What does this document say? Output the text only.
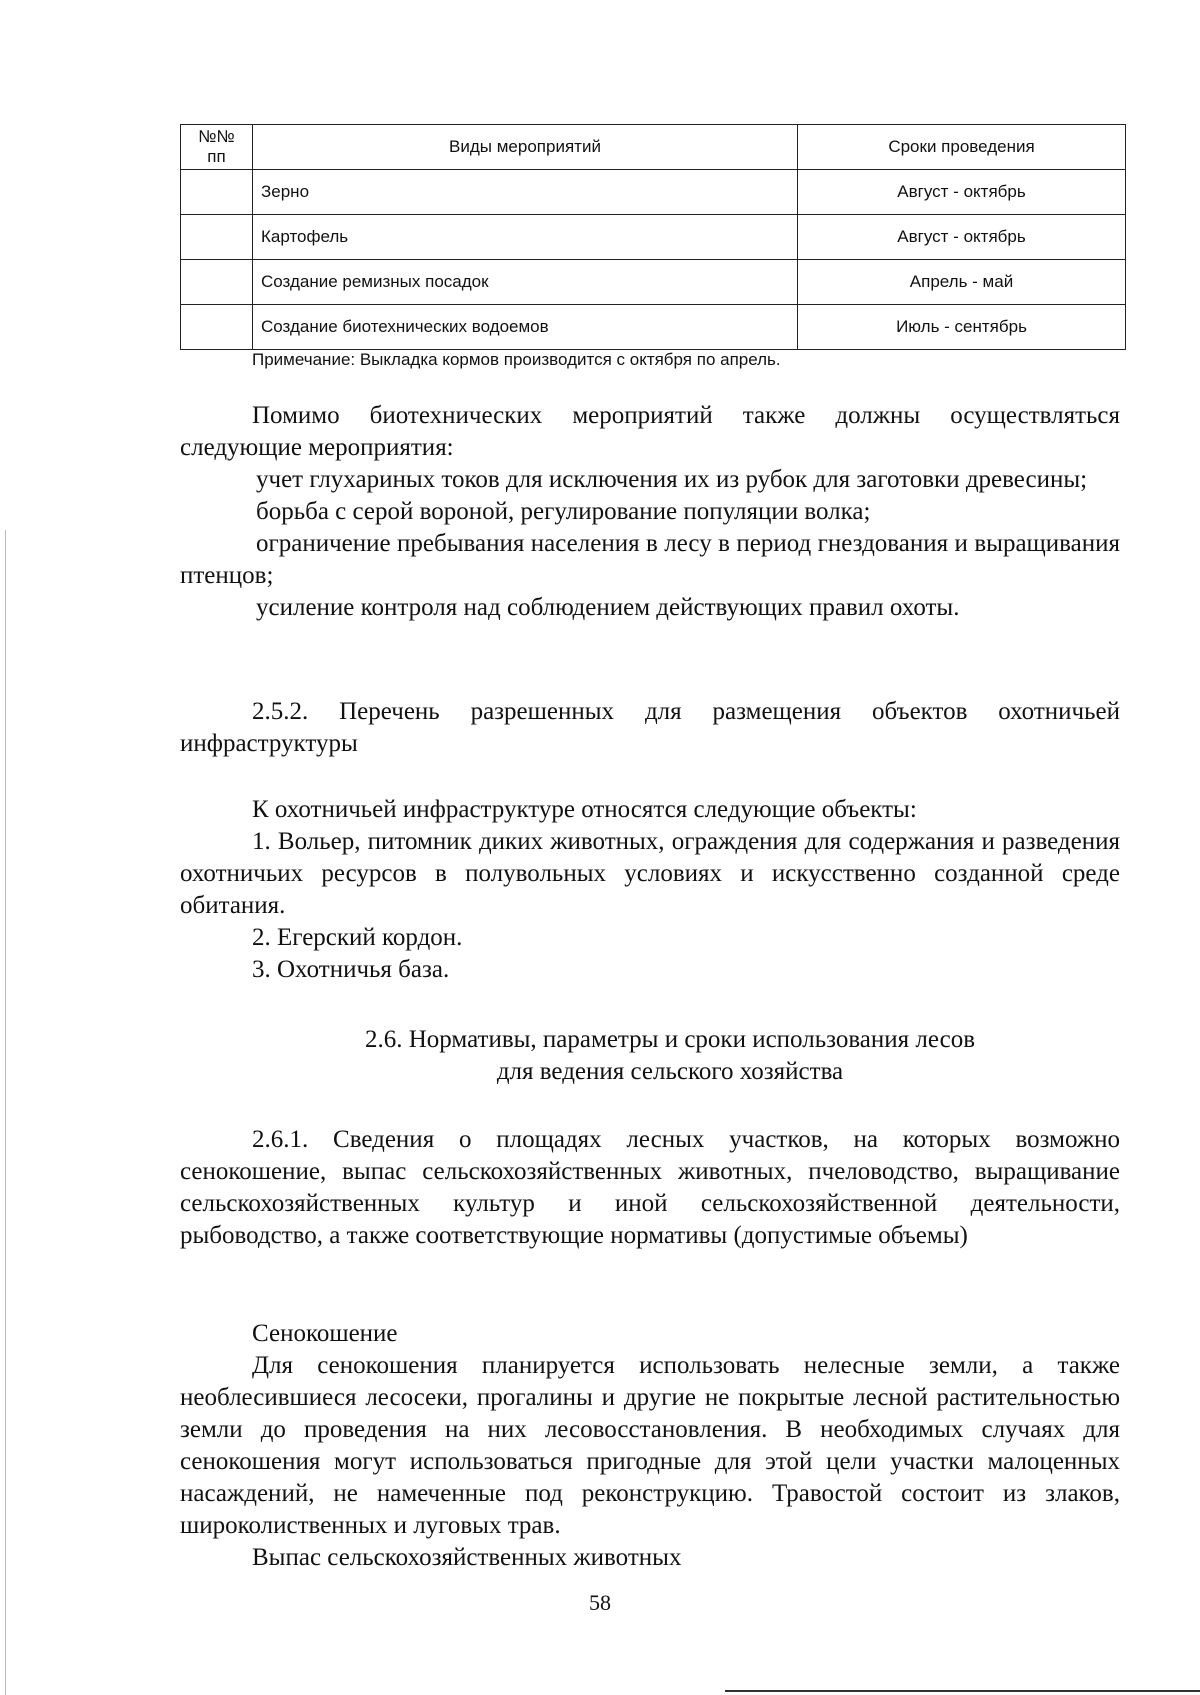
№№ пп	Виды мероприятий	Сроки проведения
	Зерно	Август - октябрь
	Картофель	Август - октябрь
	Создание ремизных посадок	Апрель - май
	Создание биотехнических водоемов	Июль - сентябрь
Примечание: Выкладка кормов производится с октября по апрель.

Помимо биотехнических мероприятий также должны осуществляться следующие мероприятия:

учет глухариных токов для исключения их из рубок для заготовки древесины;

борьба с серой вороной, регулирование популяции волка;

ограничение пребывания населения в лесу в период гнездования и выращивания птенцов;

усиление контроля над соблюдением действующих правил охоты.

2.5.2. Перечень разрешенных для размещения объектов охотничьей инфраструктуры

К охотничьей инфраструктуре относятся следующие объекты:

1. Вольер, питомник диких животных, ограждения для содержания и разведения охотничьих ресурсов в полувольных условиях и искусственно созданной среде обитания.

2. Егерский кордон.

3. Охотничья база.

2.6. Нормативы, параметры и сроки использования лесов

для ведения сельского хозяйства

2.6.1. Сведения о площадях лесных участков, на которых возможно сенокошение, выпас сельскохозяйственных животных, пчеловодство, выращивание сельскохозяйственных культур и иной сельскохозяйственной деятельности, рыбоводство, а также соответствующие нормативы (допустимые объемы)

Сенокошение

Для сенокошения планируется использовать нелесные земли, а также необлесившиеся лесосеки, прогалины и другие не покрытые лесной растительностью земли до проведения на них лесовосстановления. В необходимых случаях для сенокошения могут использоваться пригодные для этой цели участки малоценных насаждений, не намеченные под реконструкцию. Травостой состоит из злаков, широколиственных и луговых трав.

Выпас сельскохозяйственных животных

58
